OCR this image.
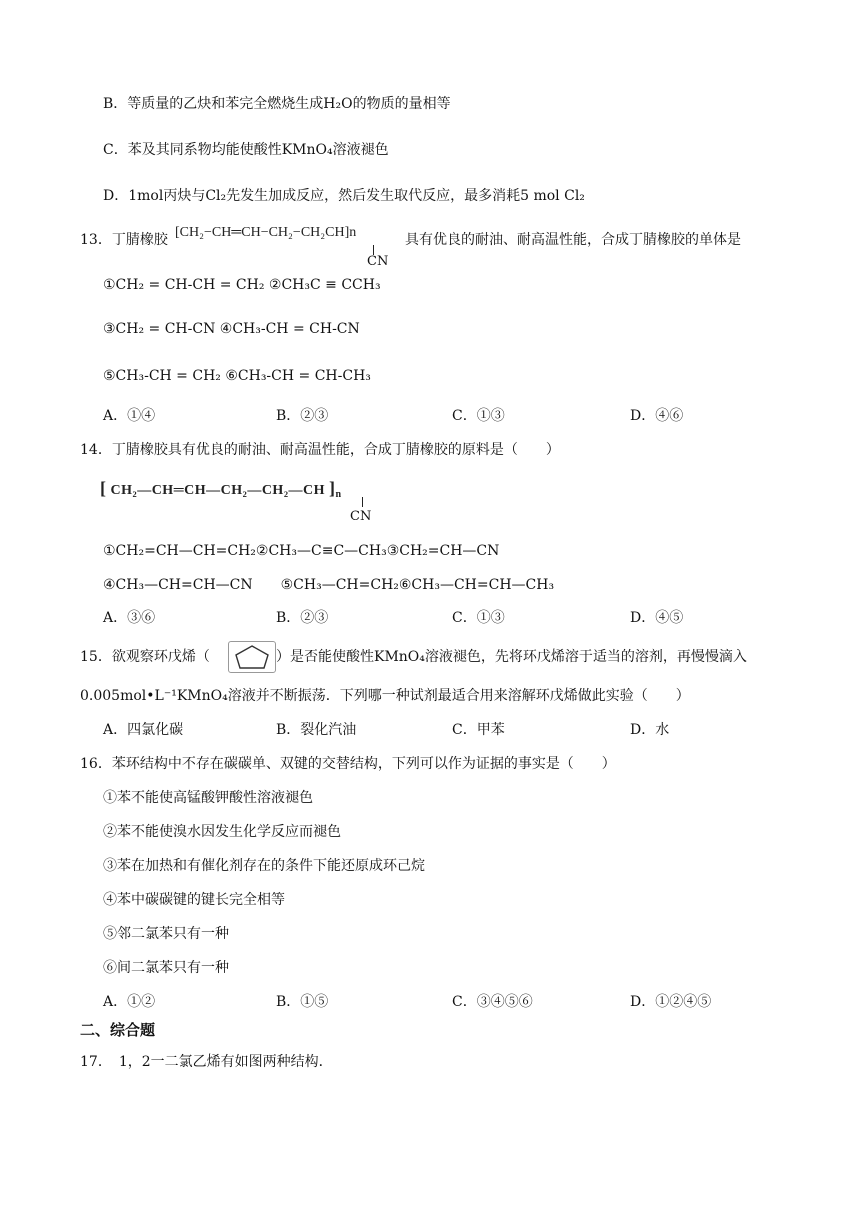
B．等质量的乙炔和苯完全燃烧生成H₂O的物质的量相等
C．苯及其同系物均能使酸性KMnO₄溶液褪色
D．1mol丙炔与Cl₂先发生加成反应，然后发生取代反应，最多消耗5 mol Cl₂
13．丁腈橡胶 [CH₂−CH═CH−CH₂−CH₂CH]n
CN
具有优良的耐油、耐高温性能，合成丁腈橡胶的单体是
①CH₂ = CH-CH = CH₂ ②CH₃C ≡ CCH₃
③CH₂ = CH-CN ④CH₃-CH = CH-CN
⑤CH₃-CH = CH₂ ⑥CH₃-CH = CH-CH₃
A．①④	B．②③	C．①③	D．④⑥
14．丁腈橡胶具有优良的耐油、耐高温性能，合成丁腈橡胶的原料是（　　）
[ CH₂—CH═CH—CH₂—CH₂—CH ]$_n$
CN
①CH₂=CH—CH=CH₂②CH₃—C≡C—CH₃③CH₂=CH—CN
④CH₃—CH=CH—CN　　⑤CH₃—CH=CH₂⑥CH₃—CH=CH—CH₃
A．③⑥	B．②③	C．①③	D．④⑤
15．欲观察环戊烯（	）是否能使酸性KMnO₄溶液褪色，先将环戊烯溶于适当的溶剂，再慢慢滴入
0.005mol•L⁻¹KMnO₄溶液并不断振荡．下列哪一种试剂最适合用来溶解环戊烯做此实验（　　）
A．四氯化碳	B．裂化汽油	C．甲苯	D．水
16．苯环结构中不存在碳碳单、双键的交替结构，下列可以作为证据的事实是（　　）
①苯不能使高锰酸钾酸性溶液褪色
②苯不能使溴水因发生化学反应而褪色
③苯在加热和有催化剂存在的条件下能还原成环己烷
④苯中碳碳键的键长完全相等
⑤邻二氯苯只有一种
⑥间二氯苯只有一种
A．①②	B．①⑤	C．③④⑤⑥	D．①②④⑤
二、综合题
17．　1，2一二氯乙烯有如图两种结构．
